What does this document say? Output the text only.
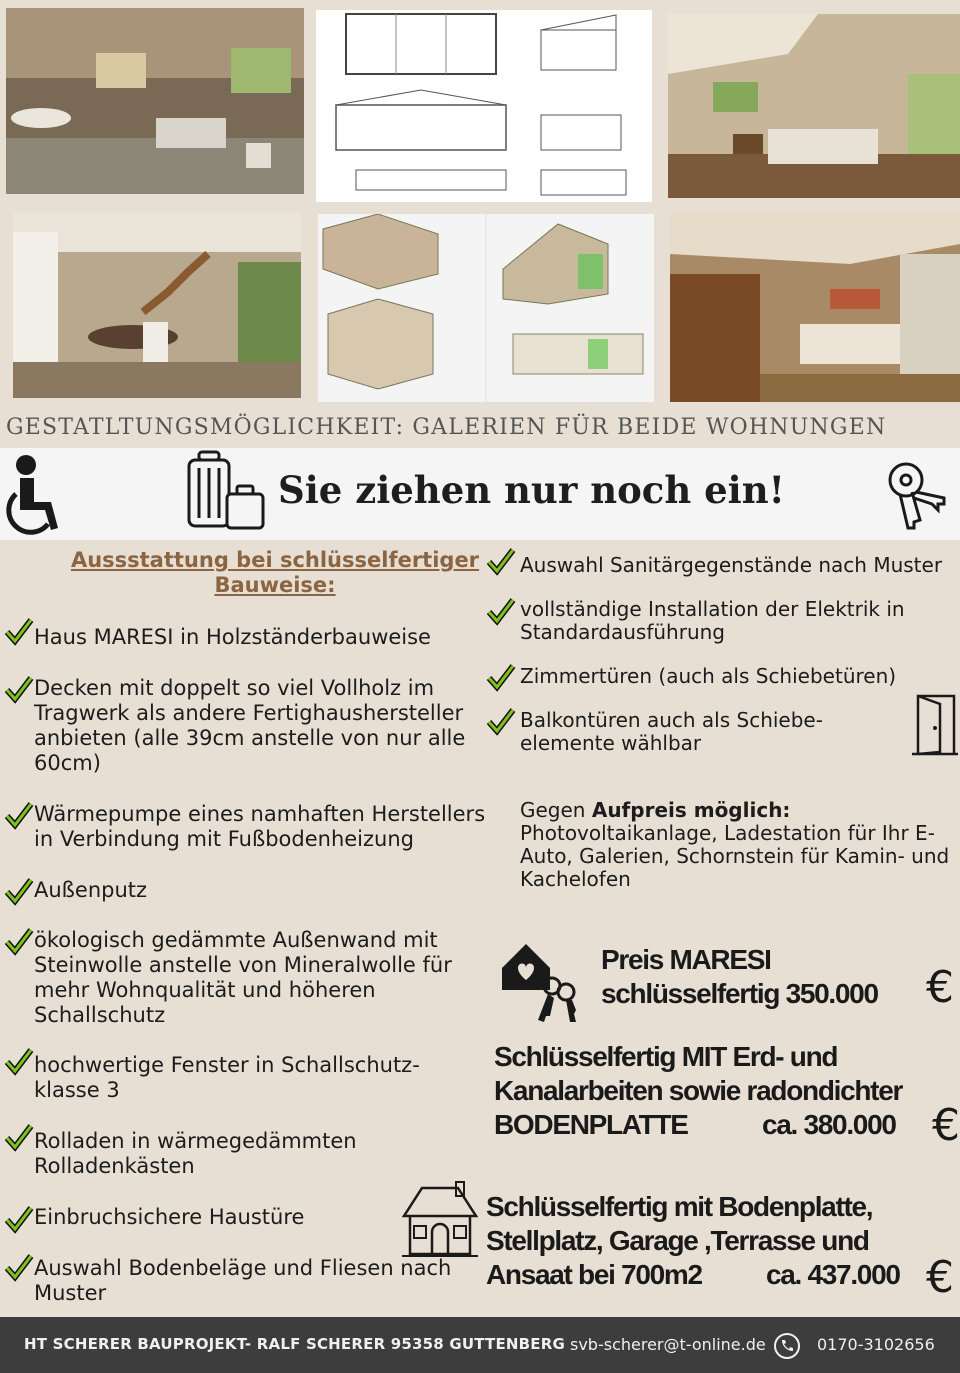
GESTATLTUNGSMÖGLICHKEIT: GALERIEN FÜR BEIDE WOHNUNGEN
Sie ziehen nur noch ein!
Aussstattung bei schlüsselfertiger
Bauweise:
Haus MARESI in Holzständerbauweise
Decken mit doppelt so viel Vollholz im Tragwerk als andere Fertighaushersteller anbieten (alle 39cm anstelle von nur alle 60cm)
Wärmepumpe eines namhaften Herstellers in Verbindung mit Fußbodenheizung
Außenputz
ökologisch gedämmte Außenwand mit Steinwolle anstelle von Mineralwolle für mehr Wohnqualität und höheren Schallschutz
hochwertige Fenster in Schallschutz-klasse 3
Rolladen in wärmegedämmten Rolladenkästen
Einbruchsichere Haustüre
Auswahl Bodenbeläge und Fliesen nach Muster
Auswahl Sanitärgegenstände nach Muster
vollständige Installation der Elektrik in Standardausführung
Zimmertüren (auch als Schiebetüren)
Balkontüren auch als Schiebe-elemente wählbar
Gegen Aufpreis möglich:
Photovoltaikanlage, Ladestation für Ihr E-Auto, Galerien, Schornstein für Kamin- und Kachelofen
Preis MARESI
schlüsselfertig 350.000 €
Schlüsselfertig MIT Erd- und
Kanalarbeiten sowie radondichter
BODENPLATTE	ca. 380.000 €
Schlüsselfertig mit Bodenplatte,
Stellplatz, Garage ,Terrasse und
Ansaat bei 700m2 ca. 437.000 €
HT SCHERER BAUPROJEKT- RALF SCHERER 95358 GUTTENBERG svb-scherer@t-online.de	0170-3102656
